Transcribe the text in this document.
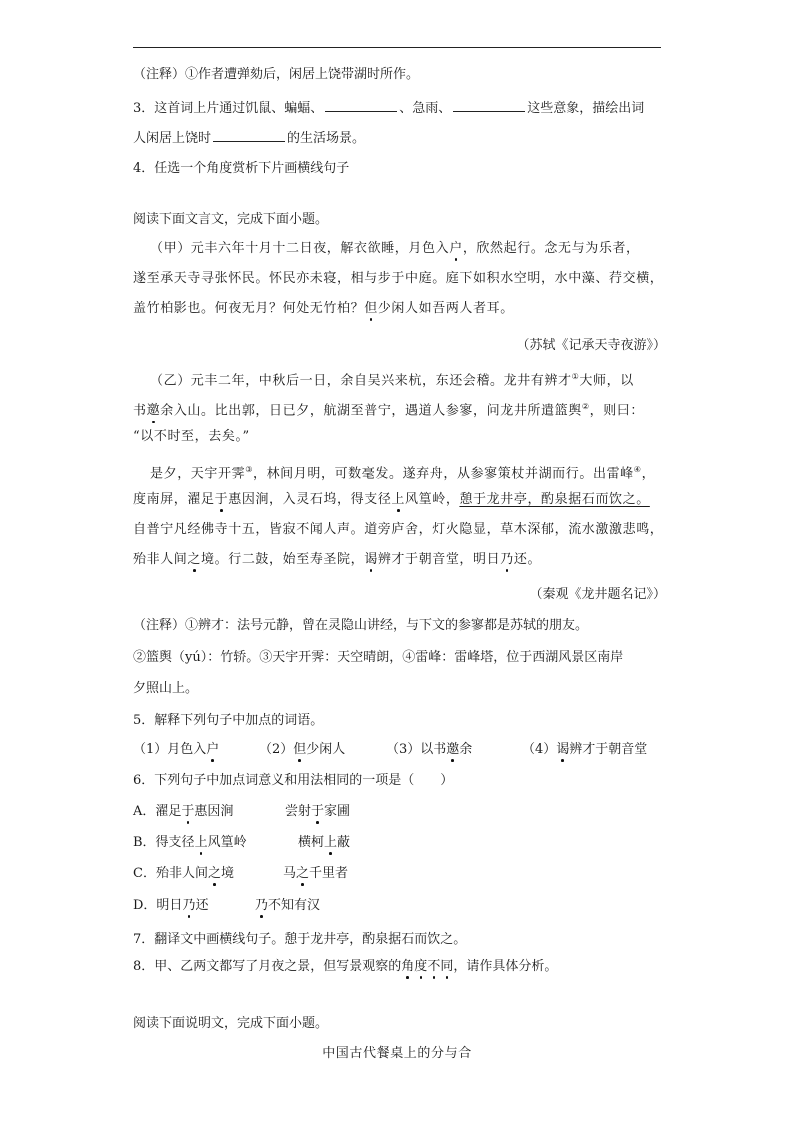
（注释）①作者遭弹劾后，闲居上饶带湖时所作。
3．这首词上片通过饥鼠、蝙蝠、	、急雨、	这些意象，描绘出词
人闲居上饶时	的生活场景。
4．任选一个角度赏析下片画横线句子
阅读下面文言文，完成下面小题。
（甲）元丰六年十月十二日夜，解衣欲睡，月色入户，欣然起行。念无与为乐者，
遂至承天寺寻张怀民。怀民亦未寝，相与步于中庭。庭下如积水空明，水中藻、荇交横，
盖竹柏影也。何夜无月？何处无竹柏？但少闲人如吾两人者耳。
（苏轼《记承天寺夜游》）
（乙）元丰二年，中秋后一日，余自吴兴来杭，东还会稽。龙井有辨才①大师，以
书邀余入山。比出郭，日已夕，航湖至普宁，遇道人参寥，问龙井所遣篮舆②，则曰：
“以不时至，去矣。”
是夕，天宇开霁③，林间月明，可数毫发。遂弃舟，从参寥策杖并湖而行。出雷峰④，
度南屏，濯足于惠因涧，入灵石坞，得支径上风篁岭，憩于龙井亭，酌泉据石而饮之。
自普宁凡经佛寺十五，皆寂不闻人声。道旁庐舍，灯火隐显，草木深郁，流水激激悲鸣，
殆非人间之境。行二鼓，始至寿圣院，谒辨才于朝音堂，明日乃还。
（秦观《龙井题名记》）
（注释）①辨才：法号元静，曾在灵隐山讲经，与下文的参寥都是苏轼的朋友。
②篮舆（yú）：竹轿。③天宇开霁：天空晴朗，④雷峰：雷峰塔，位于西湖风景区南岸
夕照山上。
5．解释下列句子中加点的词语。
（1）月色入户	（2）但少闲人	（3）以书邀余	（4）谒辨才于朝音堂
6．下列句子中加点词意义和用法相同的一项是（　　）
A．濯足于惠因涧	尝射于家圃
B．得支径上风篁岭	横柯上蔽
C．殆非人间之境	马之千里者
D．明日乃还	乃不知有汉
7．翻译文中画横线句子。憩于龙井亭，酌泉据石而饮之。
8．甲、乙两文都写了月夜之景，但写景观察的角度不同，请作具体分析。
阅读下面说明文，完成下面小题。
中国古代餐桌上的分与合
